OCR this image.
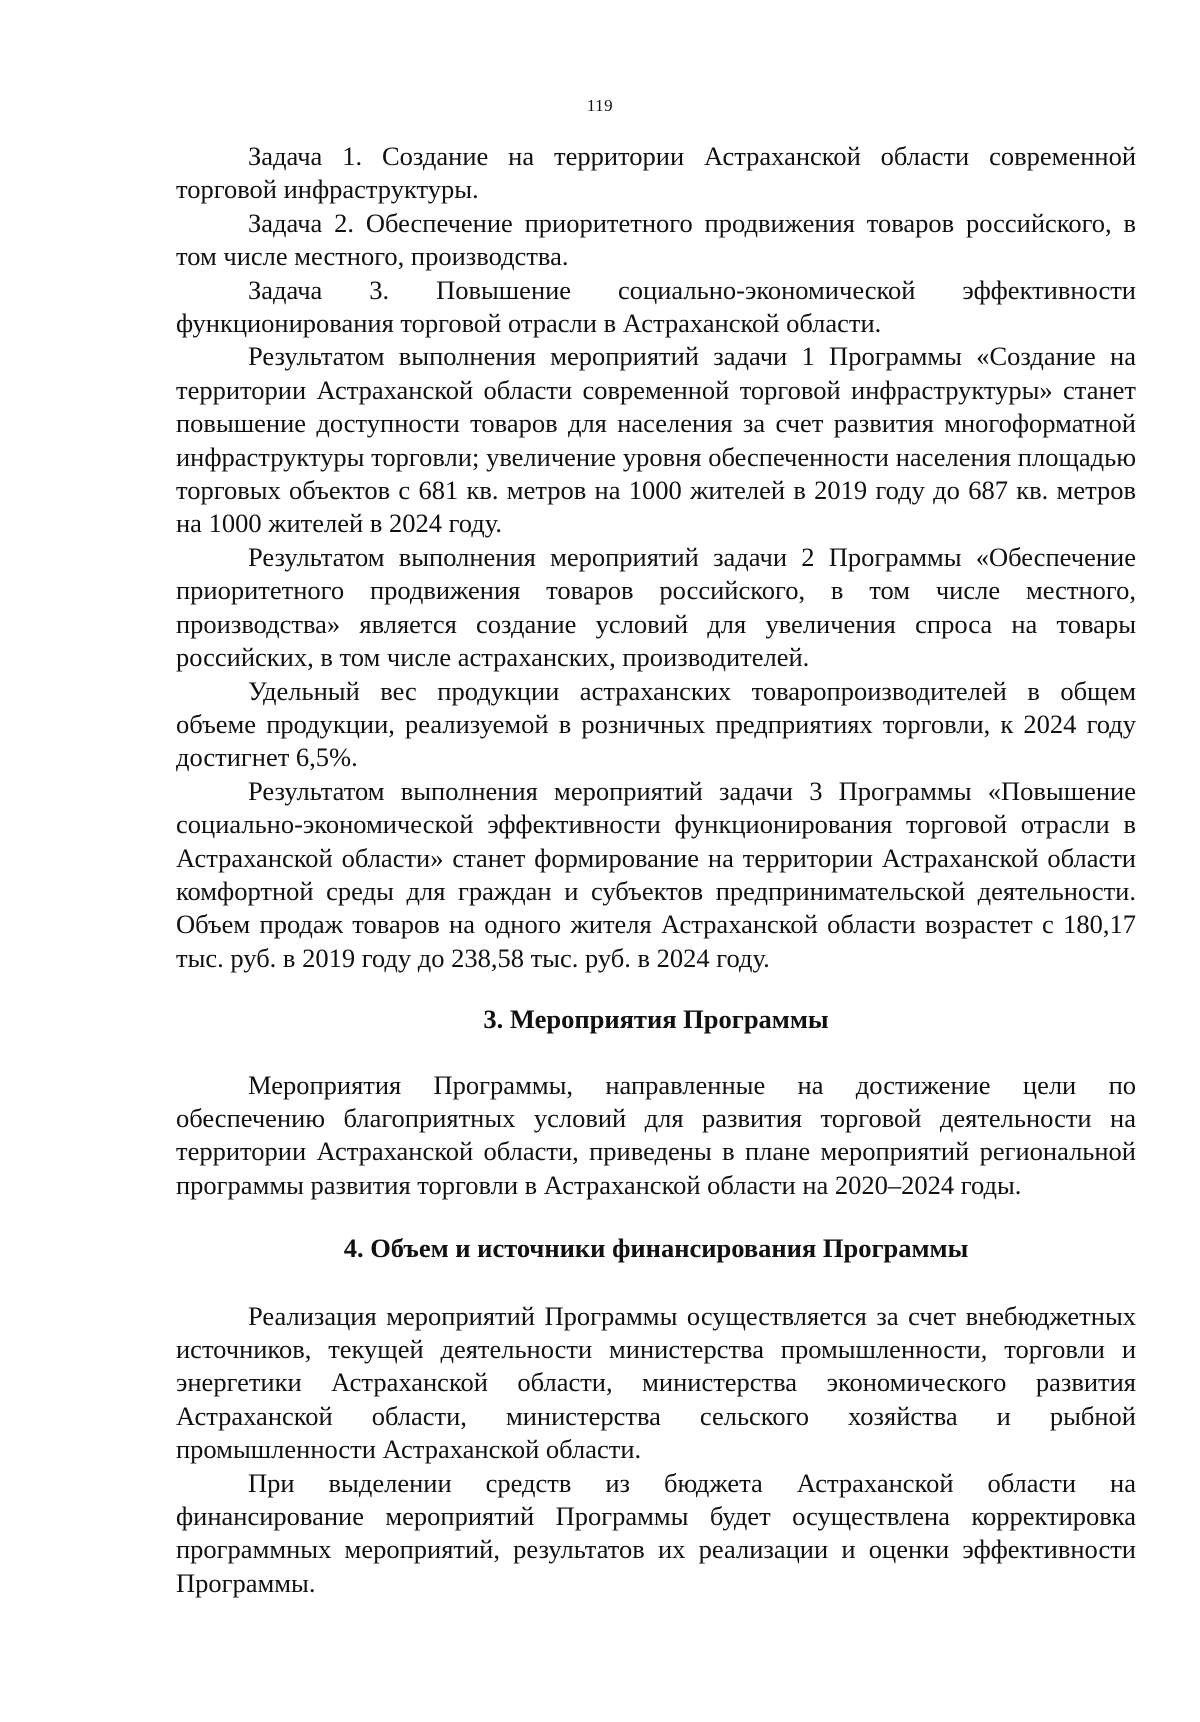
119

Задача 1. Создание на территории Астраханской области современной торговой инфраструктуры.

Задача 2. Обеспечение приоритетного продвижения товаров российского, в том числе местного, производства.

Задача 3. Повышение социально-экономической эффективности функционирования торговой отрасли в Астраханской области.

Результатом выполнения мероприятий задачи 1 Программы «Создание на территории Астраханской области современной торговой инфраструктуры» станет повышение доступности товаров для населения за счет развития многоформатной инфраструктуры торговли; увеличение уровня обеспеченности населения площадью торговых объектов с 681 кв. метров на 1000 жителей в 2019 году до 687 кв. метров на 1000 жителей в 2024 году.

Результатом выполнения мероприятий задачи 2 Программы «Обеспечение приоритетного продвижения товаров российского, в том числе местного, производства» является создание условий для увеличения спроса на товары российских, в том числе астраханских, производителей.

Удельный вес продукции астраханских товаропроизводителей в общем объеме продукции, реализуемой в розничных предприятиях торговли, к 2024 году достигнет 6,5%.

Результатом выполнения мероприятий задачи 3 Программы «Повышение социально-экономической эффективности функционирования торговой отрасли в Астраханской области» станет формирование на территории Астраханской области комфортной среды для граждан и субъектов предпринимательской деятельности. Объем продаж товаров на одного жителя Астраханской области возрастет с 180,17 тыс. руб. в 2019 году до 238,58 тыс. руб. в 2024 году.

3. Мероприятия Программы

Мероприятия Программы, направленные на достижение цели по обеспечению благоприятных условий для развития торговой деятельности на территории Астраханской области, приведены в плане мероприятий региональной программы развития торговли в Астраханской области на 2020–2024 годы.

4. Объем и источники финансирования Программы

Реализация мероприятий Программы осуществляется за счет внебюджетных источников, текущей деятельности министерства промышленности, торговли и энергетики Астраханской области, министерства экономического развития Астраханской области, министерства сельского хозяйства и рыбной промышленности Астраханской области.

При выделении средств из бюджета Астраханской области на финансирование мероприятий Программы будет осуществлена корректировка программных мероприятий, результатов их реализации и оценки эффективности Программы.
